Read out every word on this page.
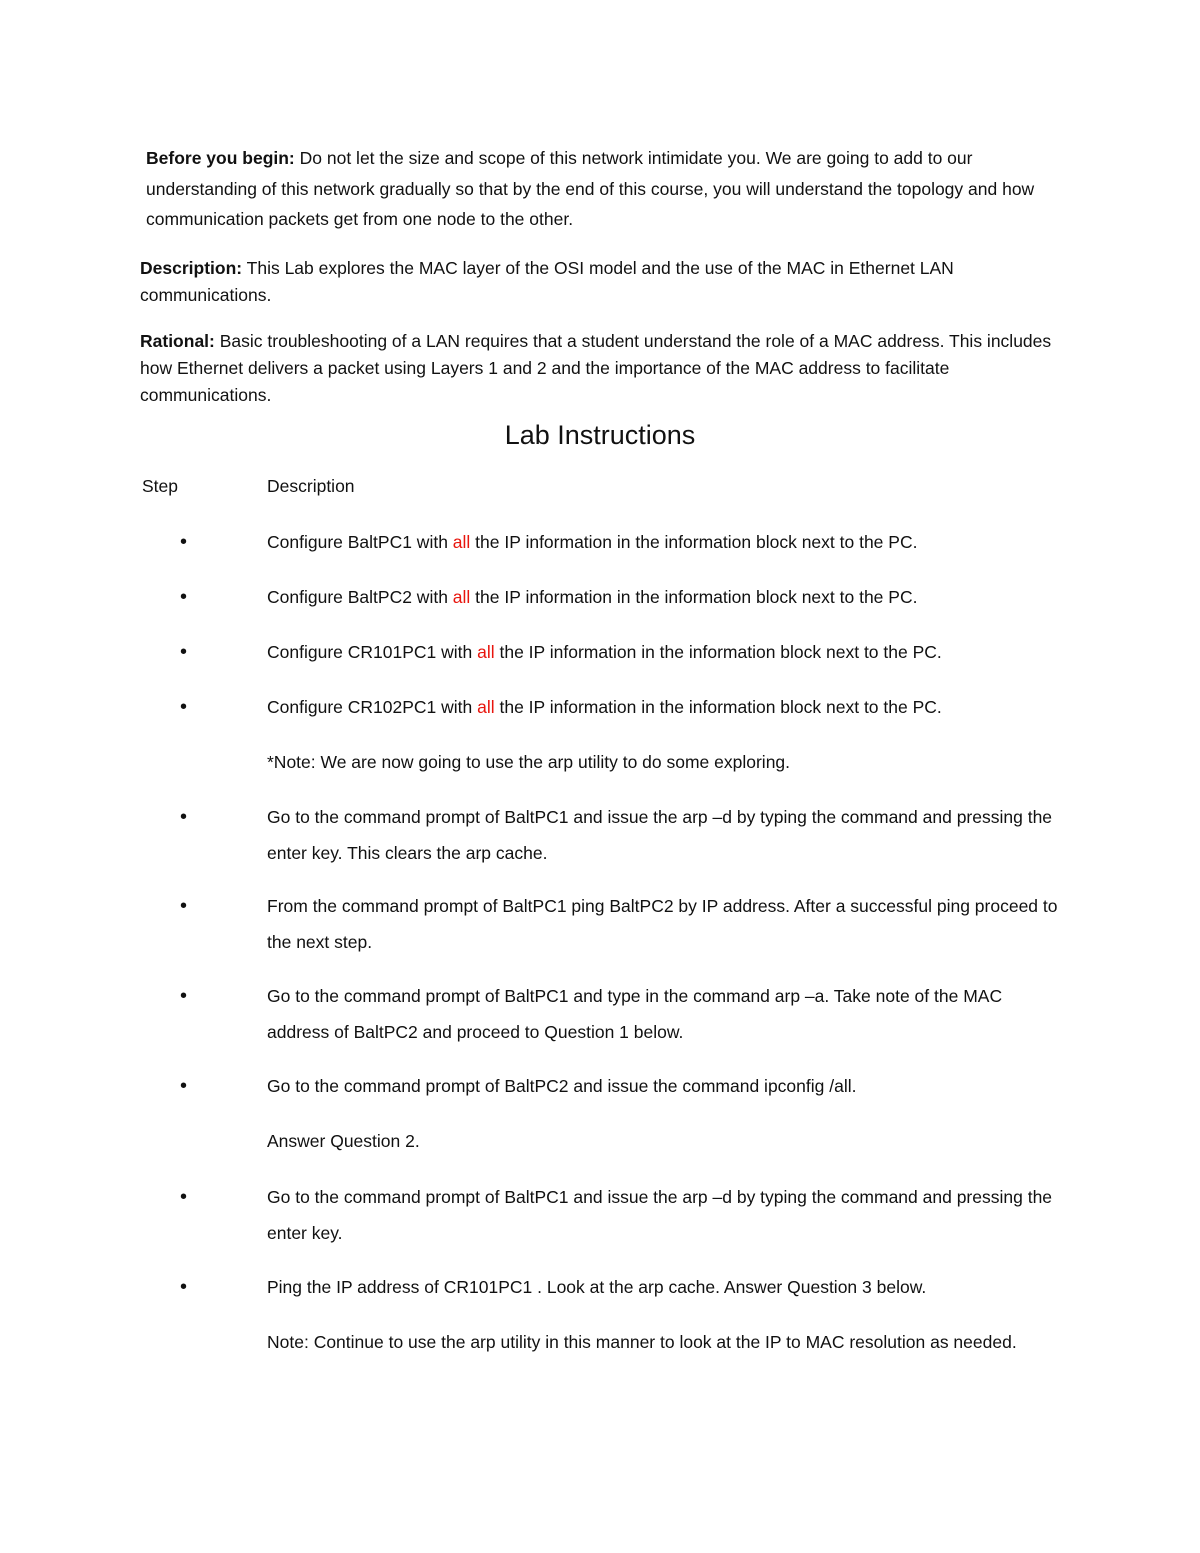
Before you begin: Do not let the size and scope of this network intimidate you. We are going to add to our understanding of this network gradually so that by the end of this course, you will understand the topology and how communication packets get from one node to the other.

Description: This Lab explores the MAC layer of the OSI model and the use of the MAC in Ethernet LAN communications.

Rational: Basic troubleshooting of a LAN requires that a student understand the role of a MAC address. This includes how Ethernet delivers a packet using Layers 1 and 2 and the importance of the MAC address to facilitate communications.

Lab Instructions

Step	Description

•	Configure BaltPC1 with all the IP information in the information block next to the PC.
•	Configure BaltPC2 with all the IP information in the information block next to the PC.
•	Configure CR101PC1 with all the IP information in the information block next to the PC.
•	Configure CR102PC1 with all the IP information in the information block next to the PC.
*Note: We are now going to use the arp utility to do some exploring.
•	Go to the command prompt of BaltPC1 and issue the arp –d by typing the command and pressing the enter key. This clears the arp cache.
•	From the command prompt of BaltPC1 ping BaltPC2 by IP address. After a successful ping proceed to the next step.
•	Go to the command prompt of BaltPC1 and type in the command arp –a. Take note of the MAC address of BaltPC2 and proceed to Question 1 below.
•	Go to the command prompt of BaltPC2 and issue the command ipconfig /all.
Answer Question 2.
•	Go to the command prompt of BaltPC1 and issue the arp –d by typing the command and pressing the enter key.
•	Ping the IP address of CR101PC1 . Look at the arp cache. Answer Question 3 below.
Note: Continue to use the arp utility in this manner to look at the IP to MAC resolution as needed.
